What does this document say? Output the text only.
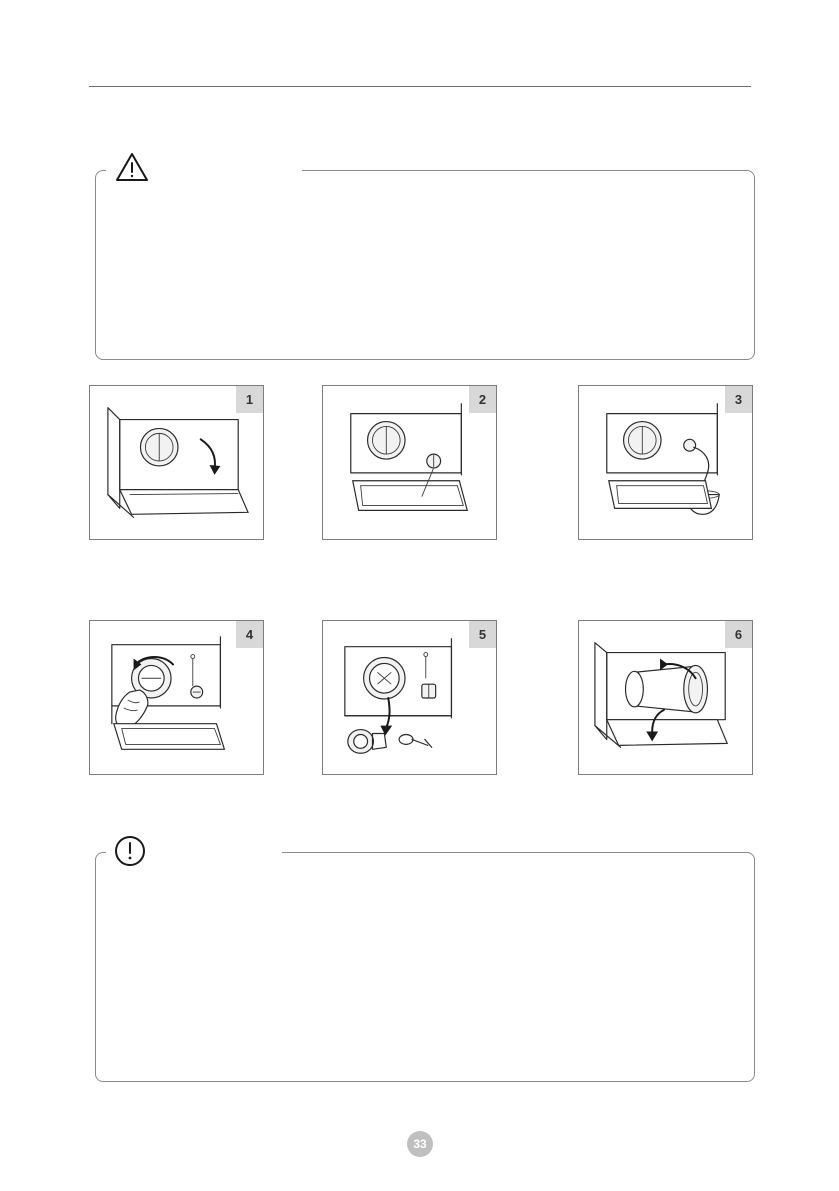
1	2	3
4	5	6
33
